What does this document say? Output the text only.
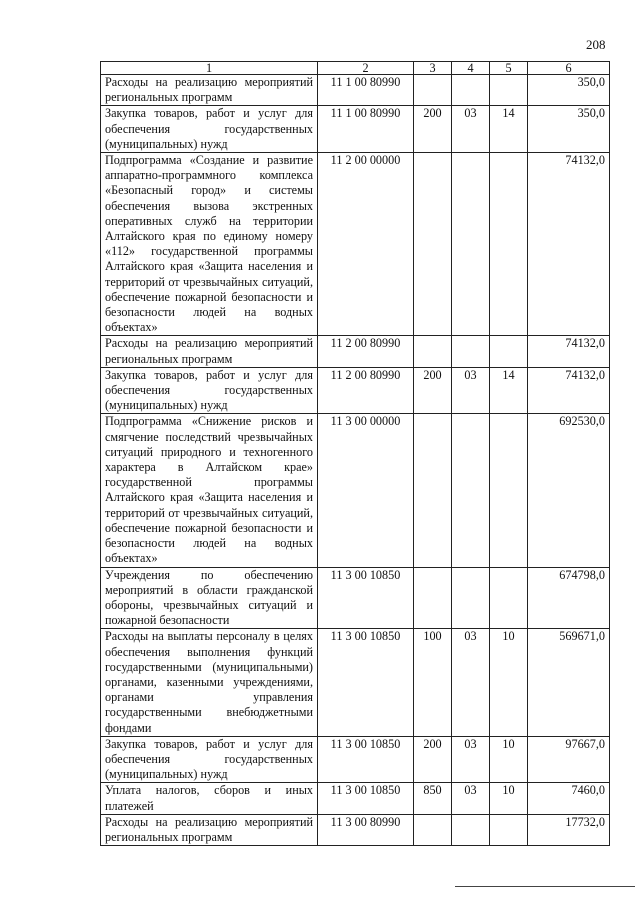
208
1	2	3	4	5	6
Расходы на реализацию мероприятий региональных программ	11 1 00 80990				350,0
Закупка товаров, работ и услуг для обеспечения государственных (муниципальных) нужд	11 1 00 80990	200	03	14	350,0
Подпрограмма «Создание и развитие аппаратно-программного комплекса «Безопасный город» и системы обеспечения вызова экстренных оперативных служб на территории Алтайского края по единому номеру «112» государственной программы Алтайского края «Защита населения и территорий от чрезвычайных ситуаций, обеспечение пожарной безопасности и безопасности людей на водных объектах»	11 2 00 00000				74132,0
Расходы на реализацию мероприятий региональных программ	11 2 00 80990				74132,0
Закупка товаров, работ и услуг для обеспечения государственных (муниципальных) нужд	11 2 00 80990	200	03	14	74132,0
Подпрограмма «Снижение рисков и смягчение последствий чрезвычайных ситуаций природного и техногенного характера в Алтайском крае» государственной программы Алтайского края «Защита населения и территорий от чрезвычайных ситуаций, обеспечение пожарной безопасности и безопасности людей на водных объектах»	11 3 00 00000				692530,0
Учреждения по обеспечению мероприятий в области гражданской обороны, чрезвычайных ситуаций и пожарной безопасности	11 3 00 10850				674798,0
Расходы на выплаты персоналу в целях обеспечения выполнения функций государственными (муниципальными) органами, казенными учреждениями, органами управления государственными внебюджетными фондами	11 3 00 10850	100	03	10	569671,0
Закупка товаров, работ и услуг для обеспечения государственных (муниципальных) нужд	11 3 00 10850	200	03	10	97667,0
Уплата налогов, сборов и иных платежей	11 3 00 10850	850	03	10	7460,0
Расходы на реализацию мероприятий региональных программ	11 3 00 80990				17732,0
